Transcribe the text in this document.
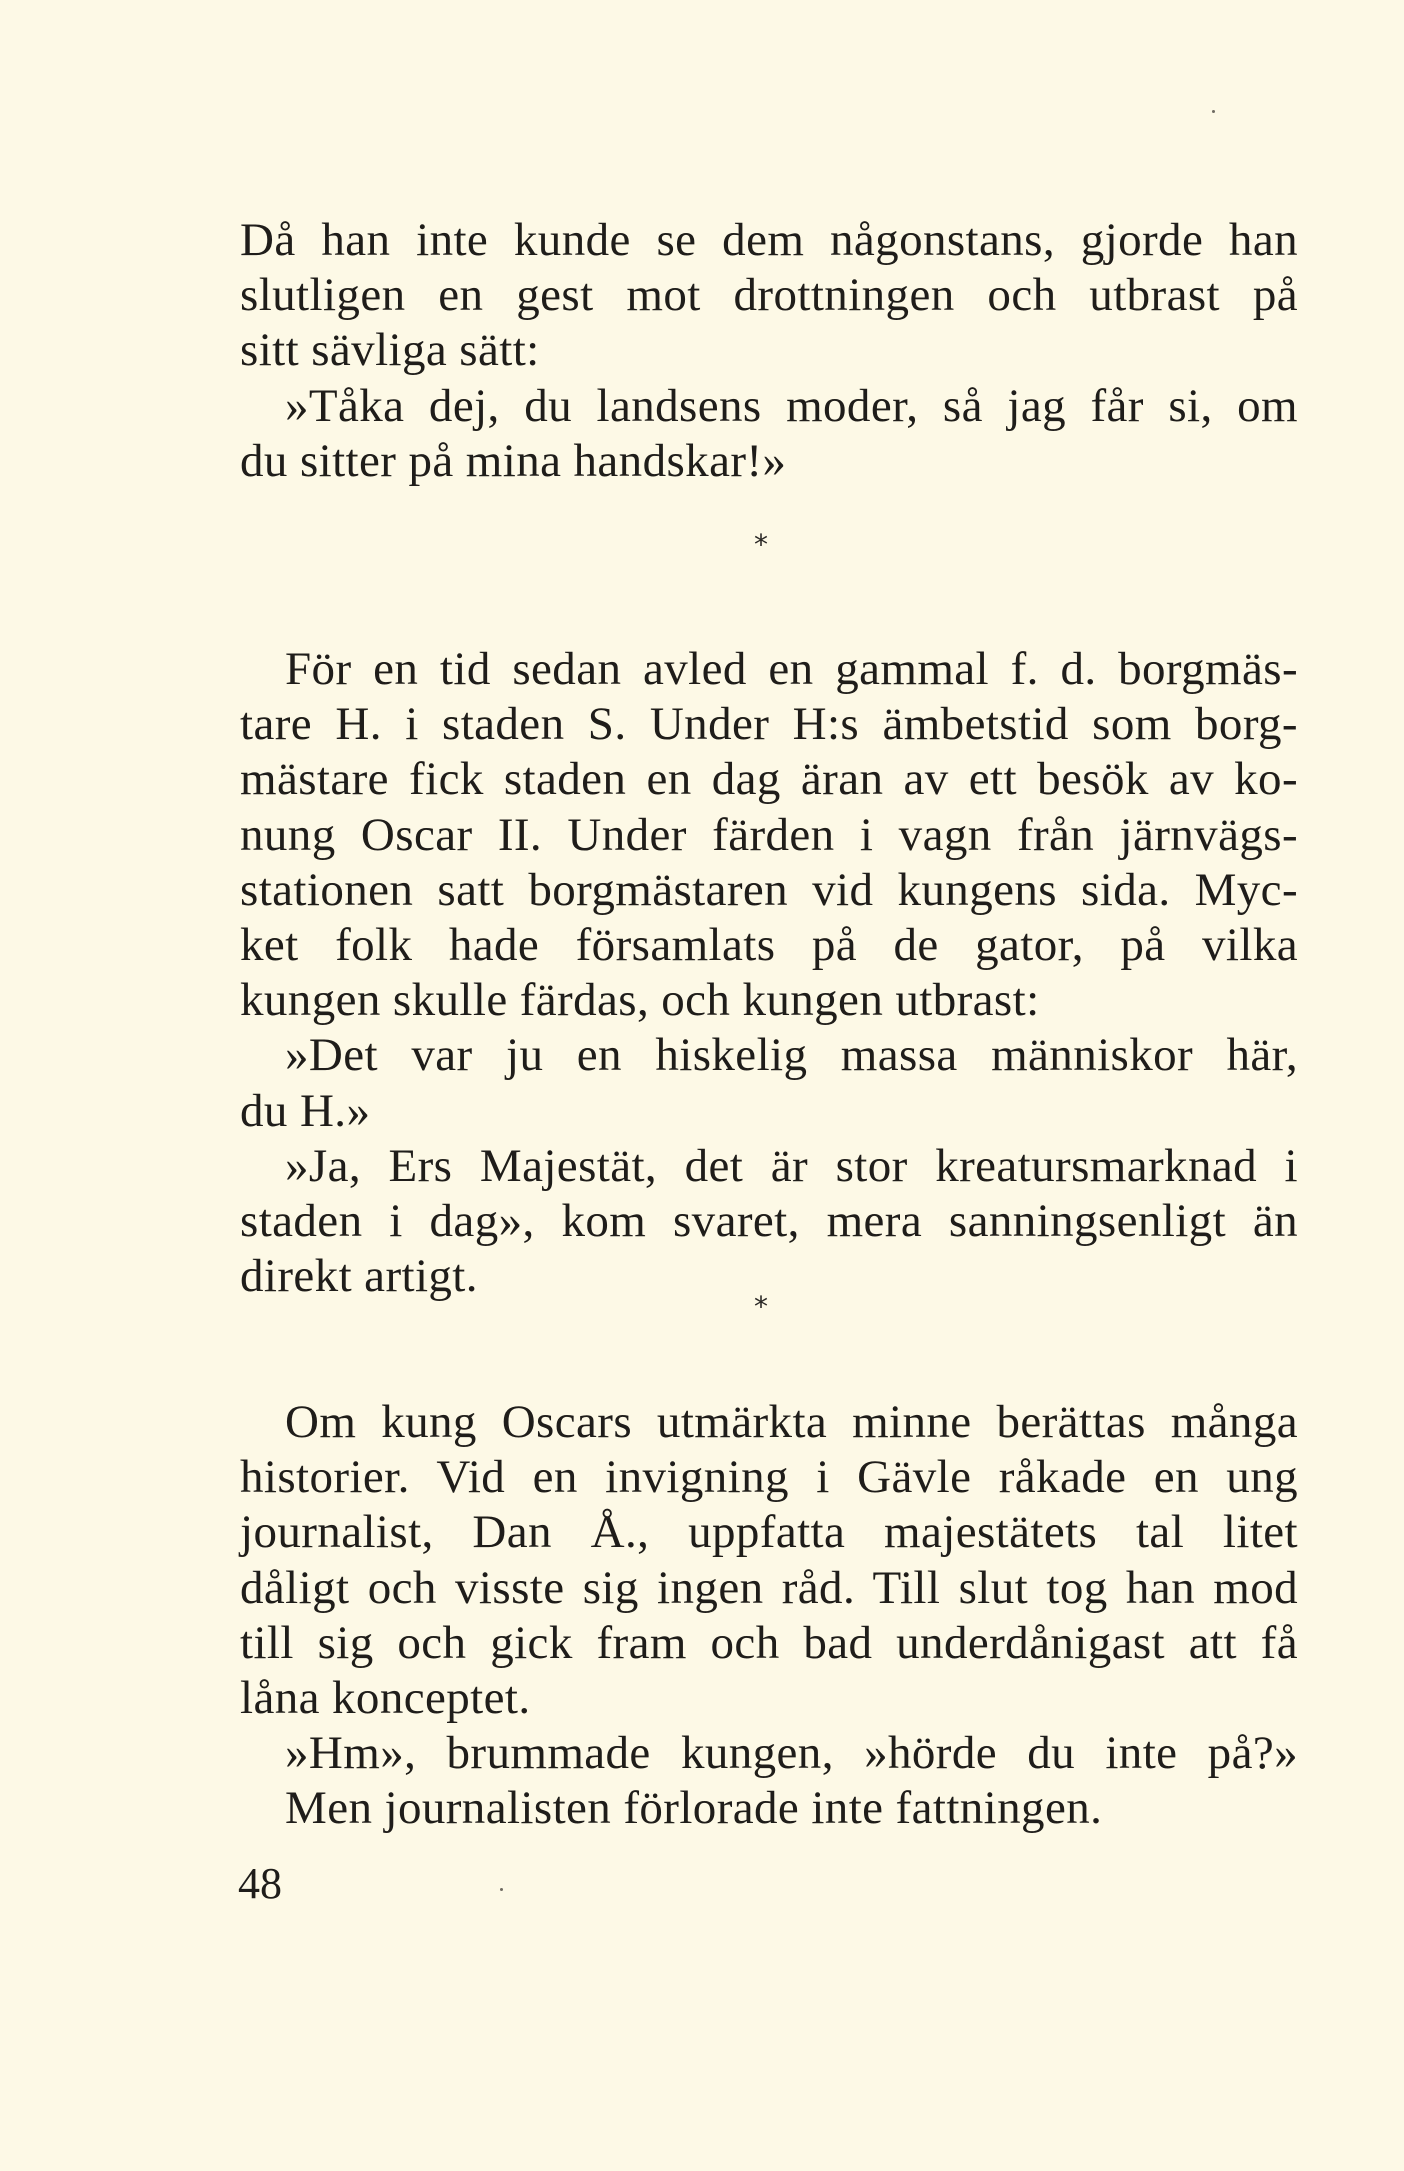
Då han inte kunde se dem någonstans, gjorde han
slutligen en gest mot drottningen och utbrast på
sitt sävliga sätt:
»Tåka dej, du landsens moder, så jag får si, om
du sitter på mina handskar!»
*
För en tid sedan avled en gammal f. d. borgmäs-
tare H. i staden S. Under H:s ämbetstid som borg-
mästare fick staden en dag äran av ett besök av ko-
nung Oscar II. Under färden i vagn från järnvägs-
stationen satt borgmästaren vid kungens sida. Myc-
ket folk hade församlats på de gator, på vilka
kungen skulle färdas, och kungen utbrast:
»Det var ju en hiskelig massa människor här,
du H.»
»Ja, Ers Majestät, det är stor kreatursmarknad i
staden i dag», kom svaret, mera sanningsenligt än
direkt artigt.
*
Om kung Oscars utmärkta minne berättas många
historier. Vid en invigning i Gävle råkade en ung
journalist, Dan Å., uppfatta majestätets tal litet
dåligt och visste sig ingen råd. Till slut tog han mod
till sig och gick fram och bad underdånigast att få
låna konceptet.
»Hm», brummade kungen, »hörde du inte på?»
Men journalisten förlorade inte fattningen.
48
